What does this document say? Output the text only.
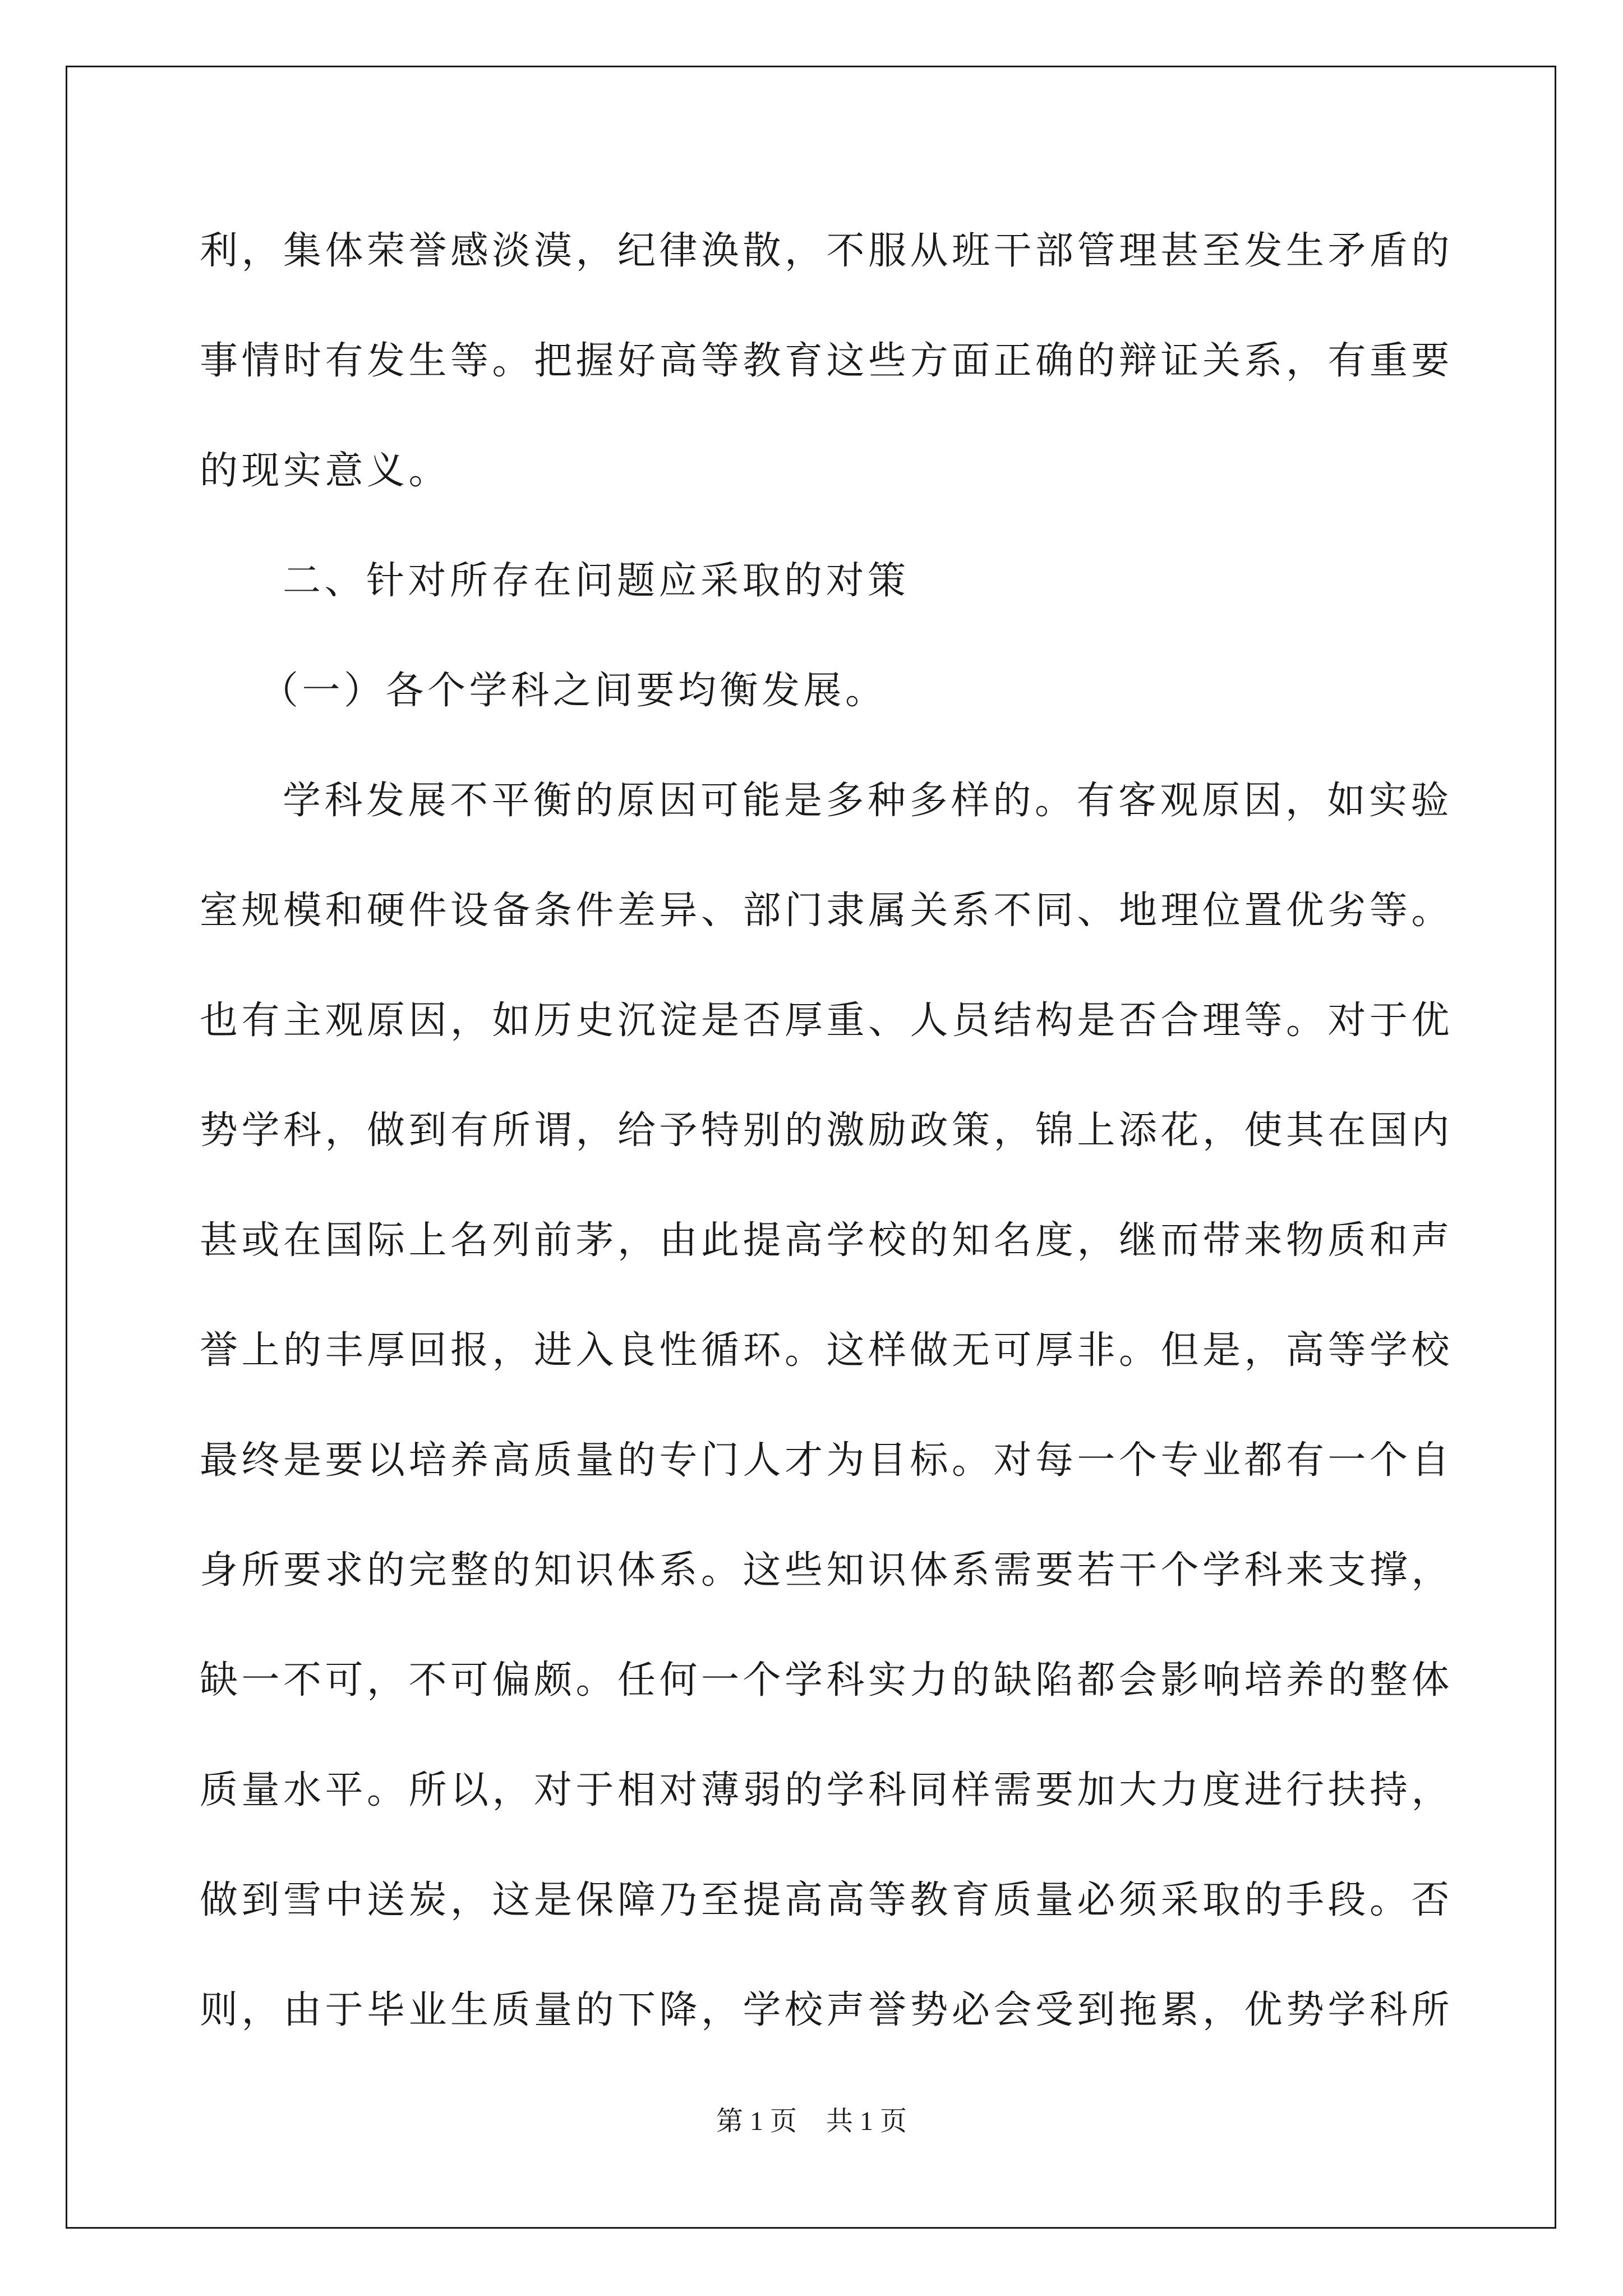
利，集体荣誉感淡漠，纪律涣散，不服从班干部管理甚至发生矛盾的
事情时有发生等。把握好高等教育这些方面正确的辩证关系，有重要
的现实意义。
二、针对所存在问题应采取的对策
（一）各个学科之间要均衡发展。
学科发展不平衡的原因可能是多种多样的。有客观原因，如实验
室规模和硬件设备条件差异、部门隶属关系不同、地理位置优劣等。
也有主观原因，如历史沉淀是否厚重、人员结构是否合理等。对于优
势学科，做到有所谓，给予特别的激励政策，锦上添花，使其在国内
甚或在国际上名列前茅，由此提高学校的知名度，继而带来物质和声
誉上的丰厚回报，进入良性循环。这样做无可厚非。但是，高等学校
最终是要以培养高质量的专门人才为目标。对每一个专业都有一个自
身所要求的完整的知识体系。这些知识体系需要若干个学科来支撑，
缺一不可，不可偏颇。任何一个学科实力的缺陷都会影响培养的整体
质量水平。所以，对于相对薄弱的学科同样需要加大力度进行扶持，
做到雪中送炭，这是保障乃至提高高等教育质量必须采取的手段。否
则，由于毕业生质量的下降，学校声誉势必会受到拖累，优势学科所
第 1 页 共 1 页
